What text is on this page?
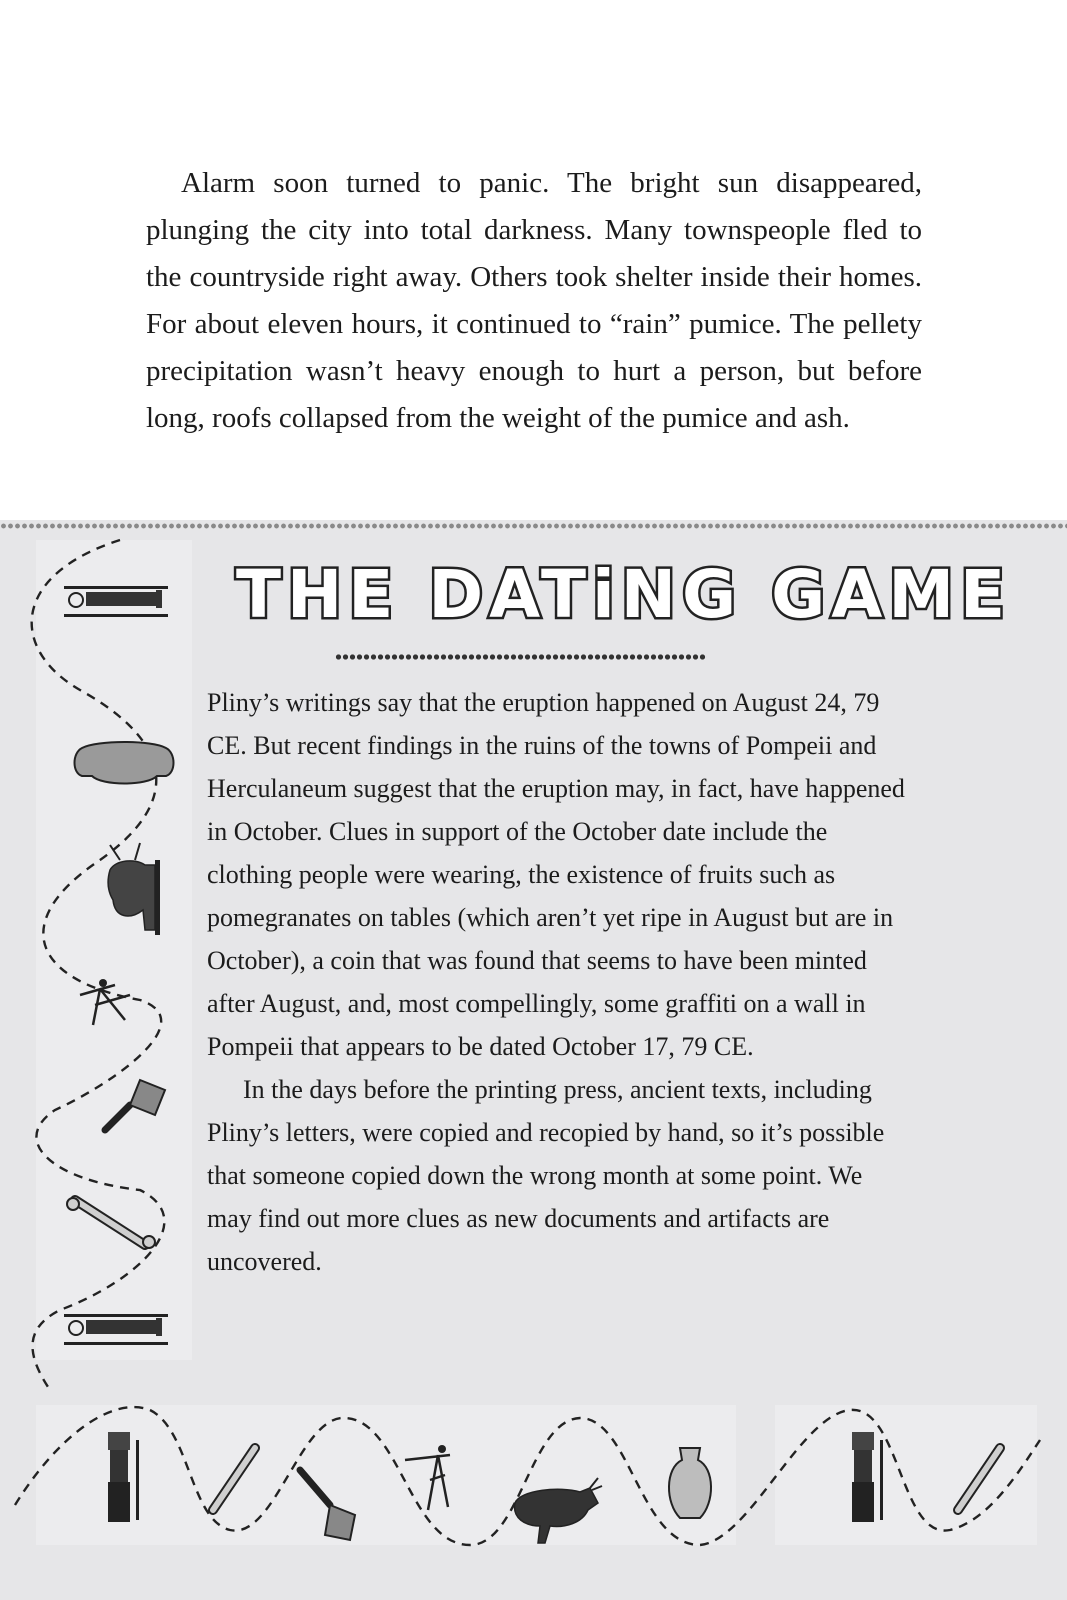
Alarm soon turned to panic. The bright sun disappeared, plunging the city into total darkness. Many townspeople fled to the countryside right away. Others took shelter inside their homes. For about eleven hours, it continued to “rain” pumice. The pellety precipitation wasn’t heavy enough to hurt a person, but before long, roofs collapsed from the weight of the pumice and ash.

THE DATiNG GAME

Pliny’s writings say that the eruption happened on August 24, 79 CE. But recent findings in the ruins of the towns of Pompeii and Herculaneum suggest that the eruption may, in fact, have happened in October. Clues in support of the October date include the clothing people were wearing, the existence of fruits such as pomegranates on tables (which aren’t yet ripe in August but are in October), a coin that was found that seems to have been minted after August, and, most compellingly, some graffiti on a wall in Pompeii that appears to be dated October 17, 79 CE.

In the days before the printing press, ancient texts, including Pliny’s letters, were copied and recopied by hand, so it’s possible that someone copied down the wrong month at some point. We may find out more clues as new documents and artifacts are uncovered.
